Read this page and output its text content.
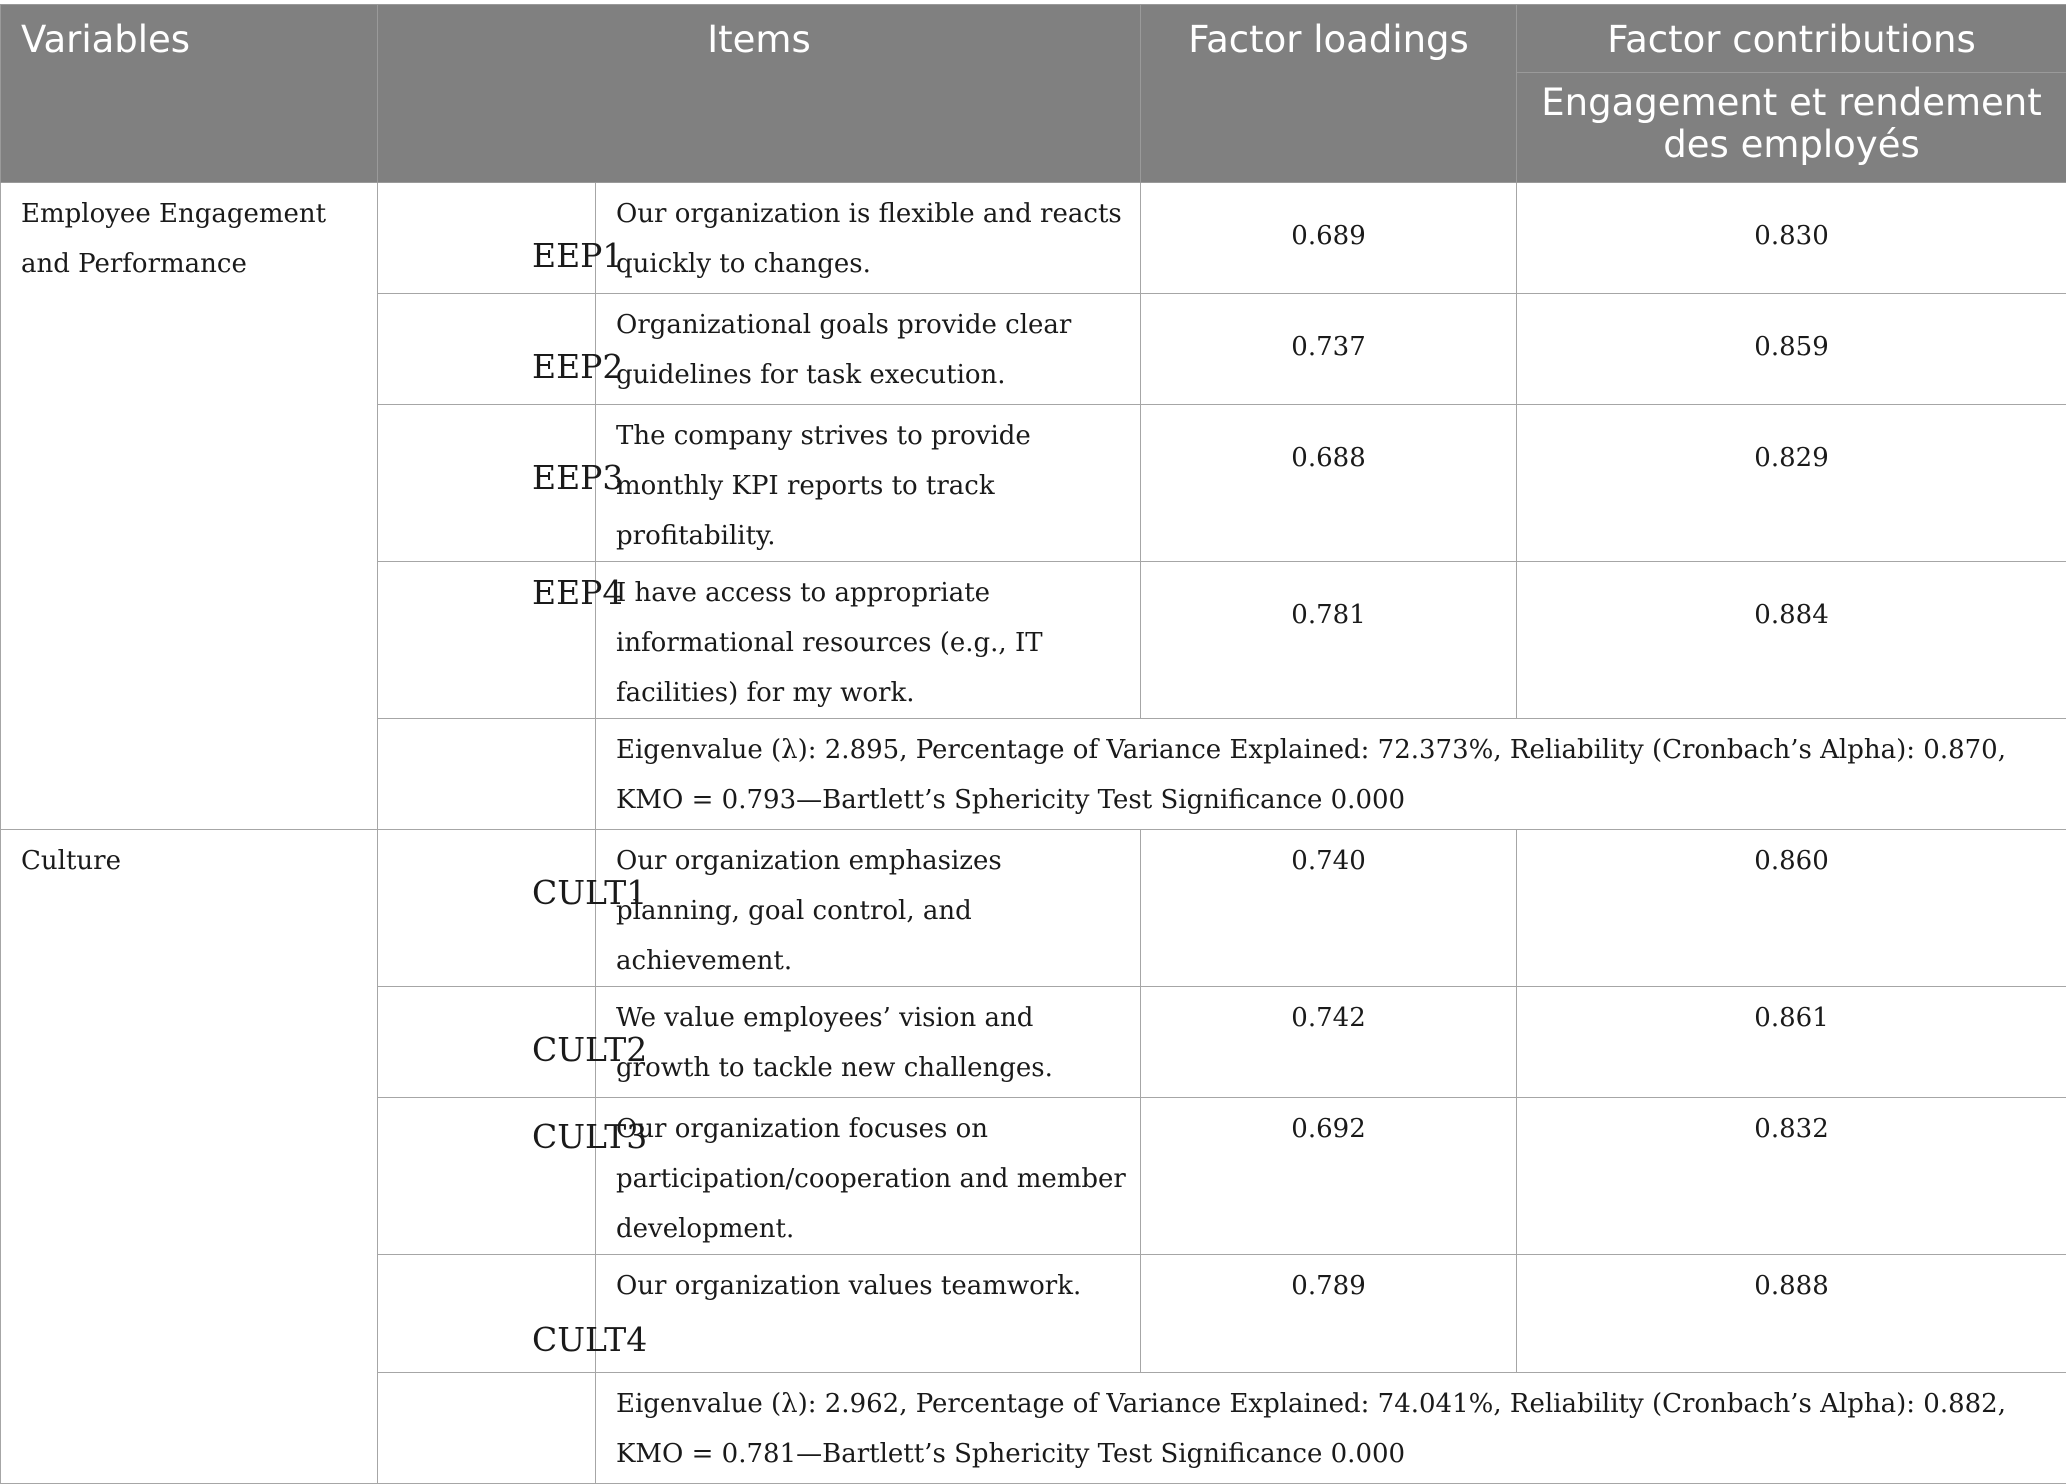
Variables	Items		Factor loadings	Factor contributions
				Engagement et rendement des employés
Employee Engagement and Performance	EEP1	Our organization is flexible and reacts quickly to changes.	0.689	0.830
	EEP2	Organizational goals provide clear guidelines for task execution.	0.737	0.859
	EEP3	The company strives to provide monthly KPI reports to track profitability.	0.688	0.829
	EEP4	I have access to appropriate informational resources (e.g., IT facilities) for my work.	0.781	0.884
		Eigenvalue (λ): 2.895, Percentage of Variance Explained: 72.373%, Reliability (Cronbach’s Alpha): 0.870, KMO = 0.793—Bartlett’s Sphericity Test Significance 0.000		
Culture	CULT1	Our organization emphasizes planning, goal control, and achievement.	0.740	0.860
	CULT2	We value employees’ vision and growth to tackle new challenges.	0.742	0.861
	CULT3	Our organization focuses on participation/cooperation and member development.	0.692	0.832
	CULT4	Our organization values teamwork.	0.789	0.888
		Eigenvalue (λ): 2.962, Percentage of Variance Explained: 74.041%, Reliability (Cronbach’s Alpha): 0.882, KMO = 0.781—Bartlett’s Sphericity Test Significance 0.000		
